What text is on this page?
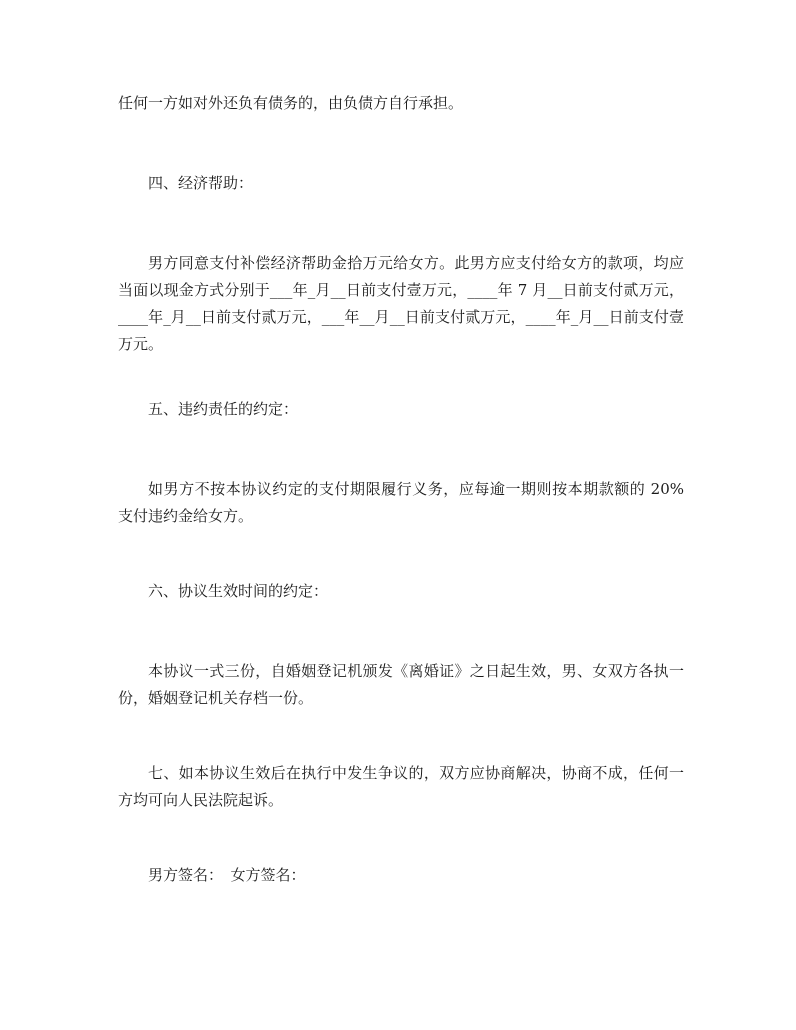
任何一方如对外还负有债务的，由负债方自行承担。

四、经济帮助：

男方同意支付补偿经济帮助金拾万元给女方。此男方应支付给女方的款项，均应当面以现金方式分别于___年_月__日前支付壹万元，____年 7 月__日前支付贰万元，____年_月__日前支付贰万元，___年__月__日前支付贰万元，____年_月__日前支付壹万元。

五、违约责任的约定：

如男方不按本协议约定的支付期限履行义务，应每逾一期则按本期款额的 20% 支付违约金给女方。

六、协议生效时间的约定：

本协议一式三份，自婚姻登记机颁发《离婚证》之日起生效，男、女双方各执一份，婚姻登记机关存档一份。

七、如本协议生效后在执行中发生争议的，双方应协商解决，协商不成，任何一方均可向人民法院起诉。

男方签名：　女方签名：
